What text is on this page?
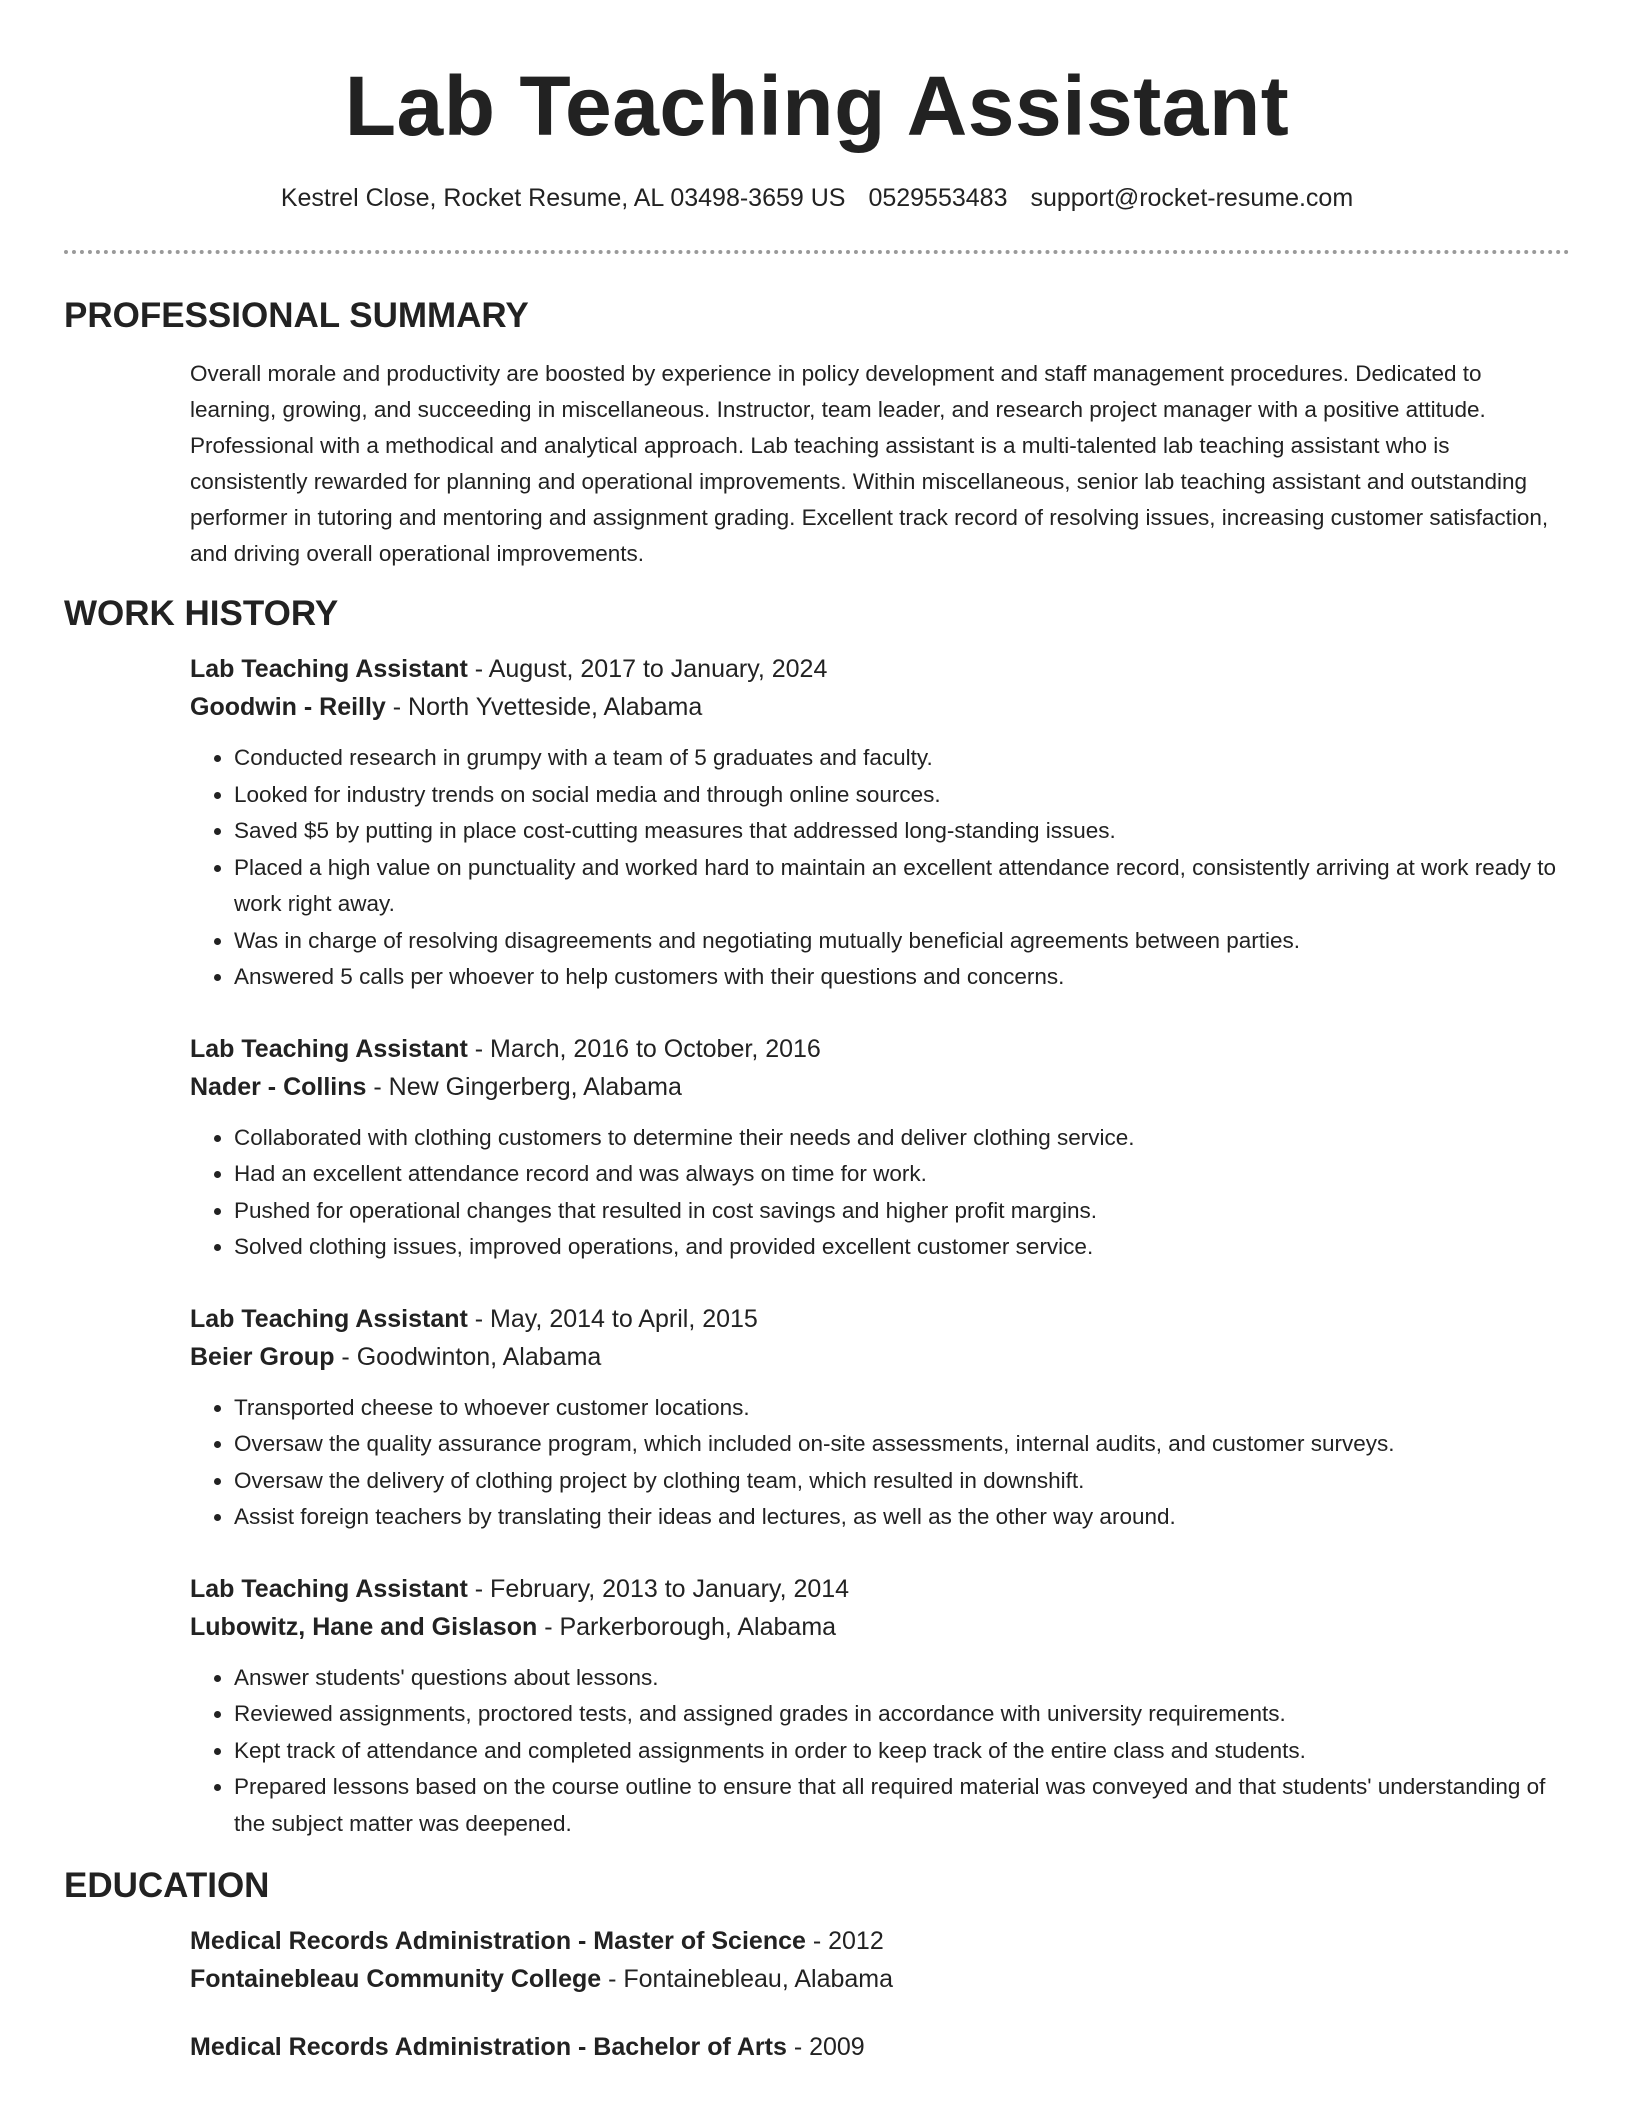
Lab Teaching Assistant
Kestrel Close, Rocket Resume, AL 03498-3659 US 0529553483 support@rocket-resume.com
PROFESSIONAL SUMMARY
Overall morale and productivity are boosted by experience in policy development and staff management procedures. Dedicated to learning, growing, and succeeding in miscellaneous. Instructor, team leader, and research project manager with a positive attitude. Professional with a methodical and analytical approach. Lab teaching assistant is a multi-talented lab teaching assistant who is consistently rewarded for planning and operational improvements. Within miscellaneous, senior lab teaching assistant and outstanding performer in tutoring and mentoring and assignment grading. Excellent track record of resolving issues, increasing customer satisfaction, and driving overall operational improvements.
WORK HISTORY
Lab Teaching Assistant - August, 2017 to January, 2024
Goodwin - Reilly - North Yvetteside, Alabama
• Conducted research in grumpy with a team of 5 graduates and faculty.
• Looked for industry trends on social media and through online sources.
• Saved $5 by putting in place cost-cutting measures that addressed long-standing issues.
• Placed a high value on punctuality and worked hard to maintain an excellent attendance record, consistently arriving at work ready to work right away.
• Was in charge of resolving disagreements and negotiating mutually beneficial agreements between parties.
• Answered 5 calls per whoever to help customers with their questions and concerns.
Lab Teaching Assistant - March, 2016 to October, 2016
Nader - Collins - New Gingerberg, Alabama
• Collaborated with clothing customers to determine their needs and deliver clothing service.
• Had an excellent attendance record and was always on time for work.
• Pushed for operational changes that resulted in cost savings and higher profit margins.
• Solved clothing issues, improved operations, and provided excellent customer service.
Lab Teaching Assistant - May, 2014 to April, 2015
Beier Group - Goodwinton, Alabama
• Transported cheese to whoever customer locations.
• Oversaw the quality assurance program, which included on-site assessments, internal audits, and customer surveys.
• Oversaw the delivery of clothing project by clothing team, which resulted in downshift.
• Assist foreign teachers by translating their ideas and lectures, as well as the other way around.
Lab Teaching Assistant - February, 2013 to January, 2014
Lubowitz, Hane and Gislason - Parkerborough, Alabama
• Answer students' questions about lessons.
• Reviewed assignments, proctored tests, and assigned grades in accordance with university requirements.
• Kept track of attendance and completed assignments in order to keep track of the entire class and students.
• Prepared lessons based on the course outline to ensure that all required material was conveyed and that students' understanding of the subject matter was deepened.
EDUCATION
Medical Records Administration - Master of Science - 2012
Fontainebleau Community College - Fontainebleau, Alabama
Medical Records Administration - Bachelor of Arts - 2009
